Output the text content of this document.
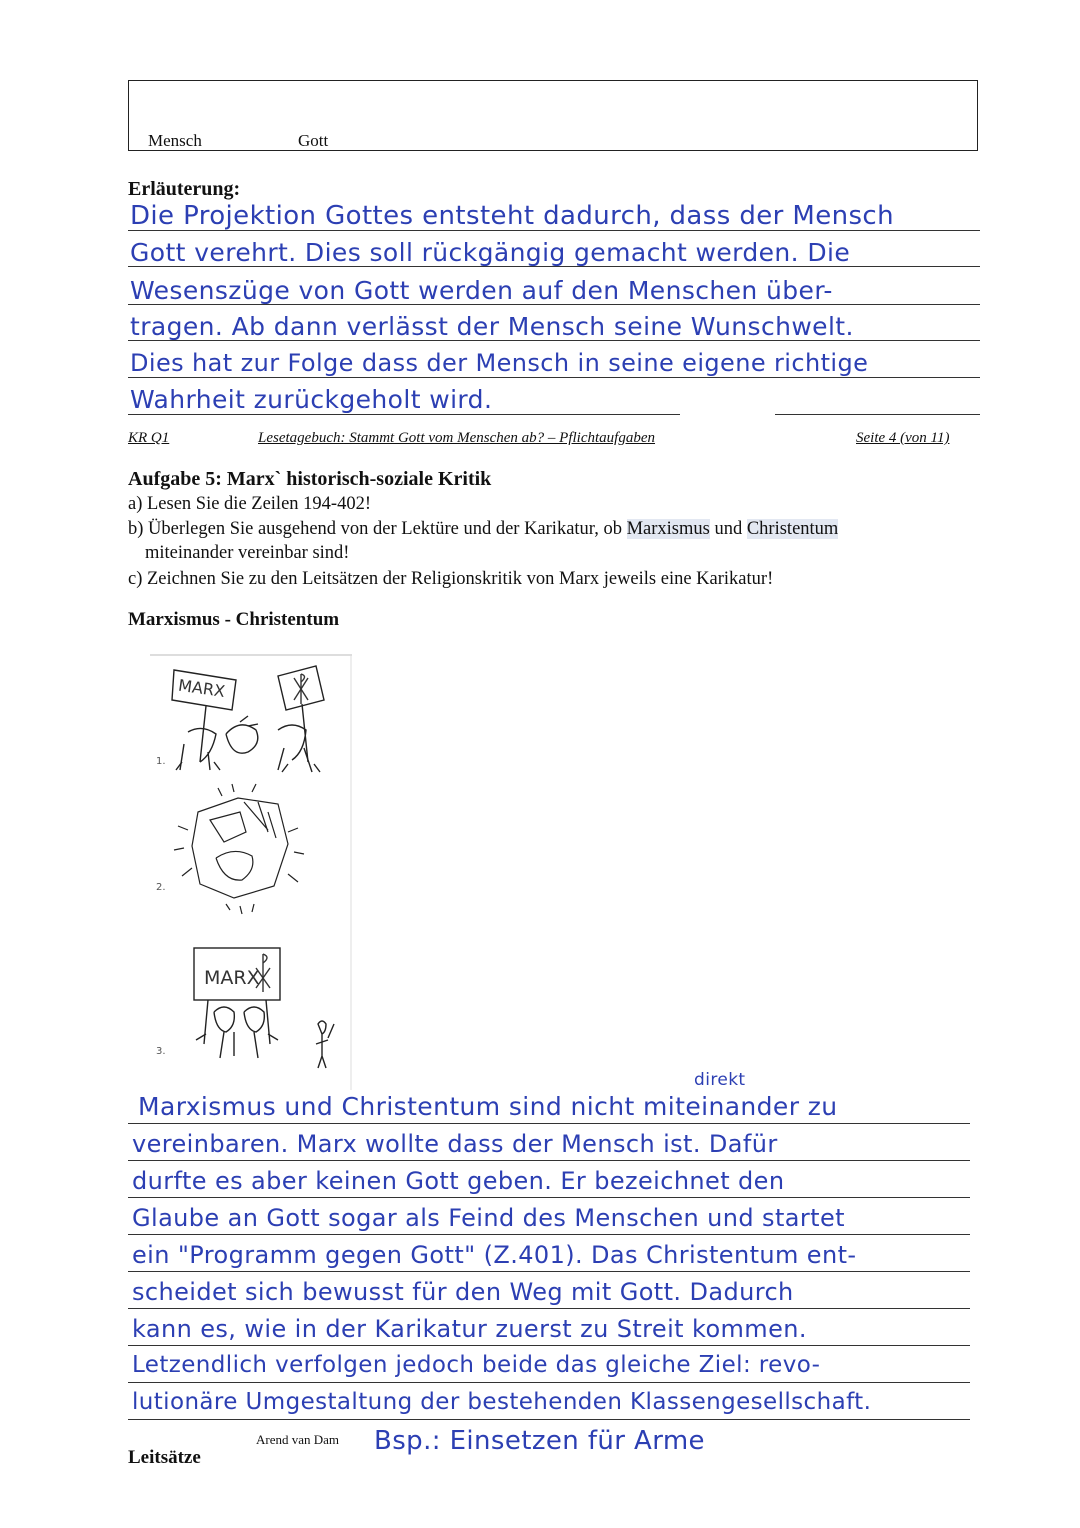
Mensch	Gott
Erläuterung:
Die Projektion Gottes entsteht dadurch, dass der Mensch
Gott verehrt. Dies soll rückgängig gemacht werden. Die
Wesenszüge von Gott werden auf den Menschen über-
tragen. Ab dann verlässt der Mensch seine Wunschwelt.
Dies hat zur Folge dass der Mensch in seine eigene richtige
Wahrheit zurückgeholt wird.
KR Q1	Lesetagebuch: Stammt Gott vom Menschen ab? – Pflichtaufgaben	Seite 4 (von 11)
Aufgabe 5: Marx` historisch-soziale Kritik
a) Lesen Sie die Zeilen 194-402!
b) Überlegen Sie ausgehend von der Lektüre und der Karikatur, ob Marxismus und Christentum
miteinander vereinbar sind!
c) Zeichnen Sie zu den Leitsätzen der Religionskritik von Marx jeweils eine Karikatur!
Marxismus - Christentum
MARX
1.
2.
MARX
3.
direkt
Marxismus und Christentum sind nicht miteinander zu
vereinbaren. Marx wollte dass der Mensch ist. Dafür
durfte es aber keinen Gott geben. Er bezeichnet den
Glaube an Gott sogar als Feind des Menschen und startet
ein "Programm gegen Gott" (Z.401). Das Christentum ent-
scheidet sich bewusst für den Weg mit Gott. Dadurch
kann es, wie in der Karikatur zuerst zu Streit kommen.
Letzendlich verfolgen jedoch beide das gleiche Ziel: revo-
lutionäre Umgestaltung der bestehenden Klassengesellschaft.
Bsp.: Einsetzen für Arme
Arend van Dam
Leitsätze
